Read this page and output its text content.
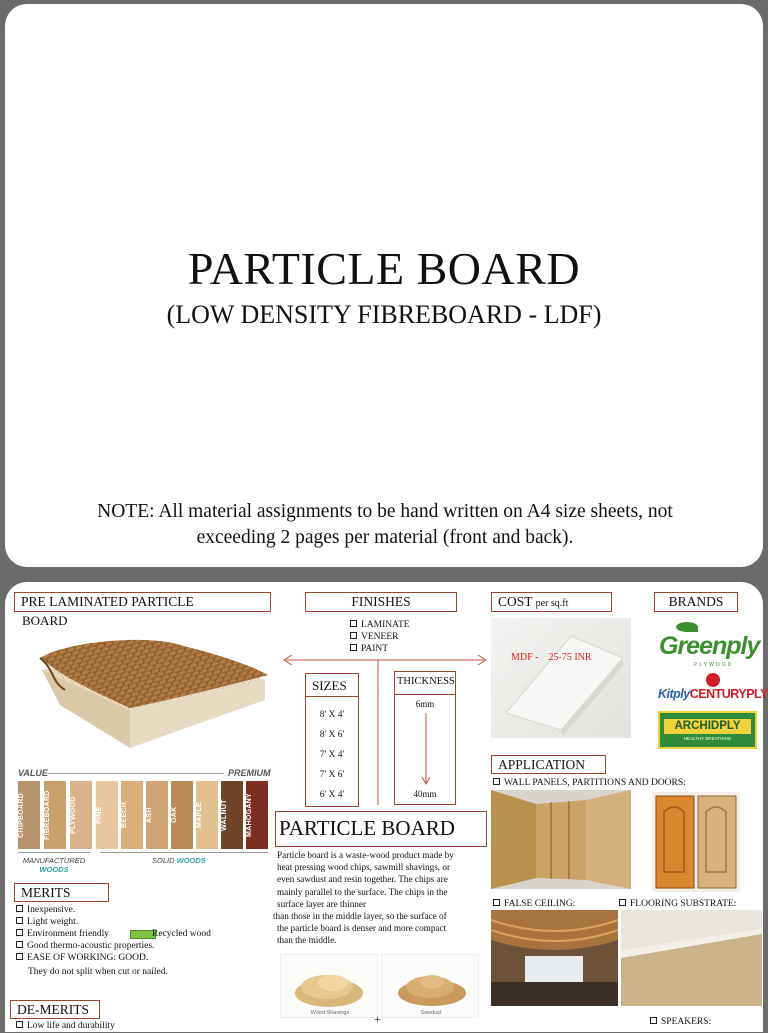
PARTICLE BOARD
(LOW DENSITY FIBREBOARD - LDF)
NOTE: All material assignments to be hand written on A4 size sheets, not
exceeding 2 pages per material (front and back).
PRE LAMINATED PARTICLE
BOARD
VALUE	PREMIUM
CHIPBOARD	FIBREBOARD	PLYWOOD	PINE	BEECH	ASH	OAK	MAPLE	WALNUT	MAHOGANY
MANUFACTURED
WOODS
SOLID WOODS
MERITS
Inexpensive.
Light weight.
Environment friendly
Good thermo-acoustic properties.
EASE OF WORKING: GOOD.
Recycled wood
They do not split when cut or nailed.
DE-MERITS
Low life and durability
FINISHES
LAMINATE
VENEER
PAINT
SIZES
8' X 4'
8' X 6'
7' X 4'
7' X 6'
6' X 4'
THICKNESS
6mm
40mm
PARTICLE BOARD
Particle board is a waste-wood product made by
heat pressing wood chips, sawmill shavings, or
even sawdust and resin together. The chips are
mainly parallel to the surface. The chips in the
surface layer are thinner
than those in the middle layer, so the surface of
the particle board is denser and more compact
than the middle.
Wood Shavings	Sawdust
+
COST per sq.ft
MDF -    25-75 INR
BRANDS
Greenply
PLYWOOD
KitplyCENTURYPLY
ARCHIDPLY
HEALTHY BREATHING
APPLICATION
WALL PANELS, PARTITIONS AND DOORS:
FALSE CEILING:	FLOORING SUBSTRATE:
SPEAKERS:
